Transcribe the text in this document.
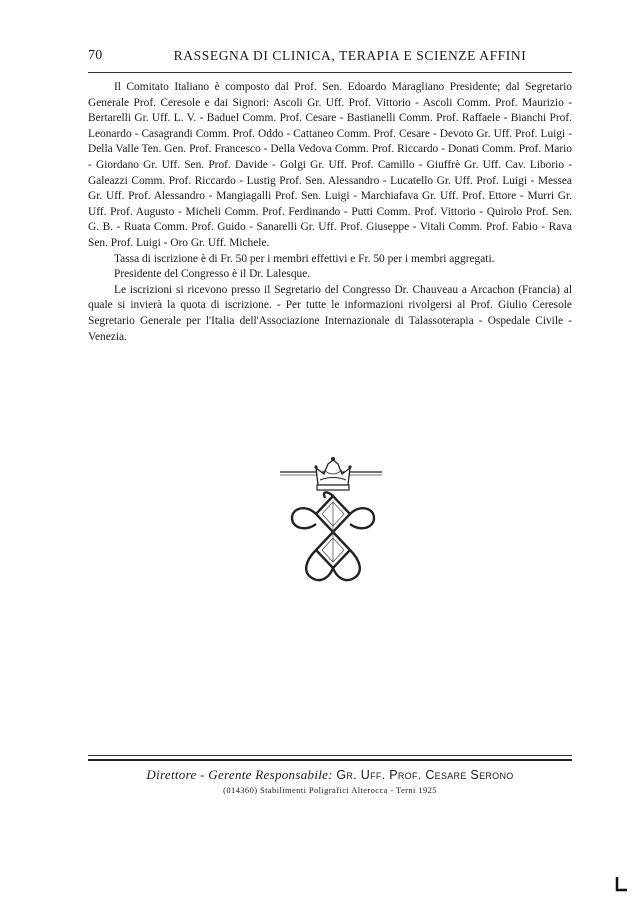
70	RASSEGNA DI CLINICA, TERAPIA E SCIENZE AFFINI

Il Comitato Italiano è composto dal Prof. Sen. Edoardo Maragliano Presidente; dal Segretario Generale Prof. Ceresole e dai Signori: Ascoli Gr. Uff. Prof. Vittorio - Ascoli Comm. Prof. Maurizio - Bertarelli Gr. Uff. L. V. - Baduel Comm. Prof. Cesare - Bastianelli Comm. Prof. Raffaele - Bianchi Prof. Leonardo - Casagrandi Comm. Prof. Oddo - Cattaneo Comm. Prof. Cesare - Devoto Gr. Uff. Prof. Luigi - Della Valle Ten. Gen. Prof. Francesco - Della Vedova Comm. Prof. Riccardo - Donati Comm. Prof. Mario - Giordano Gr. Uff. Sen. Prof. Davide - Golgi Gr. Uff. Prof. Camillo - Giuffrè Gr. Uff. Cav. Liborio - Galeazzi Comm. Prof. Riccardo - Lustig Prof. Sen. Alessandro - Lucatello Gr. Uff. Prof. Luigi - Messea Gr. Uff. Prof. Alessandro - Mangiagalli Prof. Sen. Luigi - Marchiafava Gr. Uff. Prof. Ettore - Murri Gr. Uff. Prof. Augusto - Micheli Comm. Prof. Ferdinando - Putti Comm. Prof. Vittorio - Quirolo Prof. Sen. G. B. - Ruata Comm. Prof. Guido - Sanarelli Gr. Uff. Prof. Giuseppe - Vitali Comm. Prof. Fabio - Rava Sen. Prof. Luigi - Oro Gr. Uff. Michele.

Tassa di iscrizione è di Fr. 50 per i membri effettivi e Fr. 50 per i membri aggregati.

Presidente del Congresso è il Dr. Lalesque.

Le iscrizioni si ricevono presso il Segretario del Congresso Dr. Chauveau a Arcachon (Francia) al quale si invierà la quota di iscrizione. - Per tutte le informazioni rivolgersi al Prof. Giulio Ceresole Segretario Generale per l'Italia dell'Associazione Internazionale di Talassoterapia - Ospedale Civile - Venezia.

Direttore - Gerente Responsabile: Gr. Uff. Prof. Cesare Serono
(014360) Stabilimenti Poligrafici Alterocca - Terni 1925
